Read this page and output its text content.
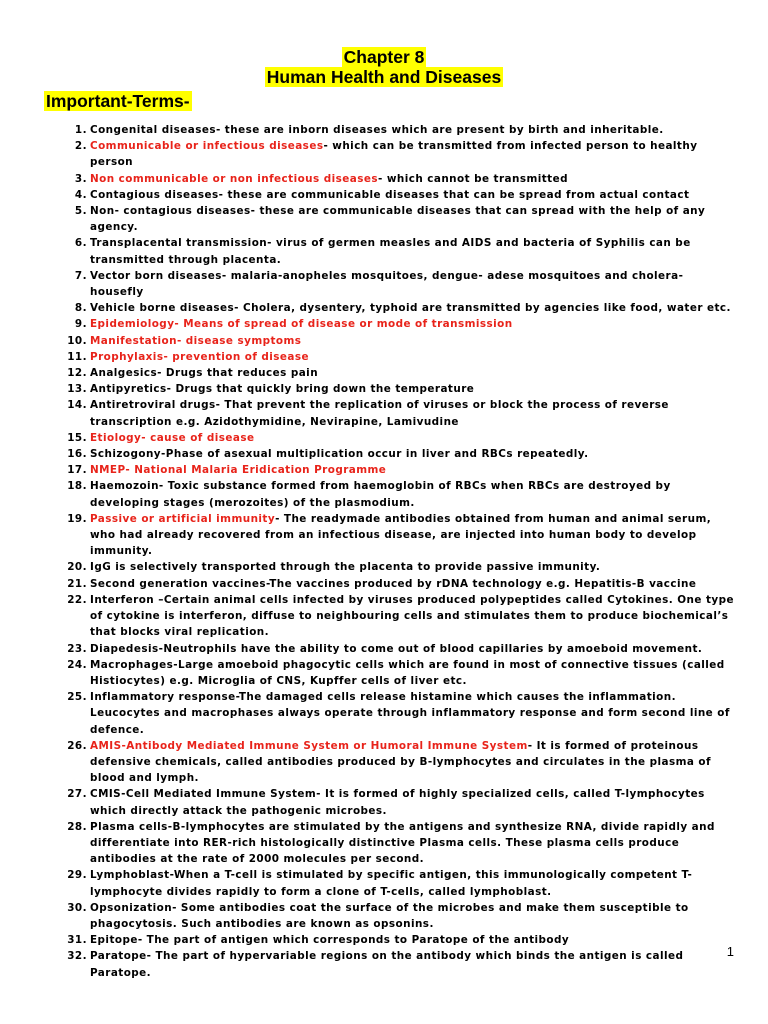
Chapter 8
Human Health and Diseases
Important-Terms-
1. Congenital diseases- these are inborn diseases which are present by birth and inheritable.
2. Communicable or infectious diseases- which can be transmitted from infected person to healthy person
3. Non communicable or non infectious diseases- which cannot be transmitted
4. Contagious diseases- these are communicable diseases that can be spread from actual contact
5. Non- contagious diseases- these are communicable diseases that can spread with the help of any agency.
6. Transplacental transmission- virus of germen measles and AIDS and bacteria of Syphilis can be transmitted through placenta.
7. Vector born diseases- malaria-anopheles mosquitoes, dengue- adese mosquitoes and cholera- housefly
8. Vehicle borne diseases- Cholera, dysentery, typhoid are transmitted by agencies like food, water etc.
9. Epidemiology- Means of spread of disease or mode of transmission
10. Manifestation- disease symptoms
11. Prophylaxis- prevention of disease
12. Analgesics- Drugs that reduces pain
13. Antipyretics- Drugs that quickly bring down the temperature
14. Antiretroviral drugs- That prevent the replication of viruses or block the process of reverse transcription e.g. Azidothymidine, Nevirapine, Lamivudine
15. Etiology- cause of disease
16. Schizogony-Phase of asexual multiplication occur in liver and RBCs repeatedly.
17. NMEP- National Malaria Eridication Programme
18. Haemozoin- Toxic substance formed from haemoglobin of RBCs when RBCs are destroyed by developing stages (merozoites) of the plasmodium.
19. Passive or artificial immunity- The readymade antibodies obtained from human and animal serum, who had already recovered from an infectious disease, are injected into human body to develop immunity.
20. IgG is selectively transported through the placenta to provide passive immunity.
21. Second generation vaccines-The vaccines produced by rDNA technology e.g. Hepatitis-B vaccine
22. Interferon –Certain animal cells infected by viruses produced polypeptides called Cytokines. One type of cytokine is interferon, diffuse to neighbouring cells and stimulates them to produce biochemical’s that blocks viral replication.
23. Diapedesis-Neutrophils have the ability to come out of blood capillaries by amoeboid movement.
24. Macrophages-Large amoeboid phagocytic cells which are found in most of connective tissues (called Histiocytes) e.g. Microglia of CNS, Kupffer cells of liver etc.
25. Inflammatory response-The damaged cells release histamine which causes the inflammation. Leucocytes and macrophases always operate through inflammatory response and form second line of defence.
26. AMIS-Antibody Mediated Immune System or Humoral Immune System- It is formed of proteinous defensive chemicals, called antibodies produced by B-lymphocytes and circulates in the plasma of blood and lymph.
27. CMIS-Cell Mediated Immune System- It is formed of highly specialized cells, called T-lymphocytes which directly attack the pathogenic microbes.
28. Plasma cells-B-lymphocytes are stimulated by the antigens and synthesize RNA, divide rapidly and differentiate into RER-rich histologically distinctive Plasma cells. These plasma cells produce antibodies at the rate of 2000 molecules per second.
29. Lymphoblast-When a T-cell is stimulated by specific antigen, this immunologically competent T-lymphocyte divides rapidly to form a clone of T-cells, called lymphoblast.
30. Opsonization- Some antibodies coat the surface of the microbes and make them susceptible to phagocytosis. Such antibodies are known as opsonins.
31. Epitope- The part of antigen which corresponds to Paratope of the antibody
32. Paratope- The part of hypervariable regions on the antibody which binds the antigen is called Paratope.
1
